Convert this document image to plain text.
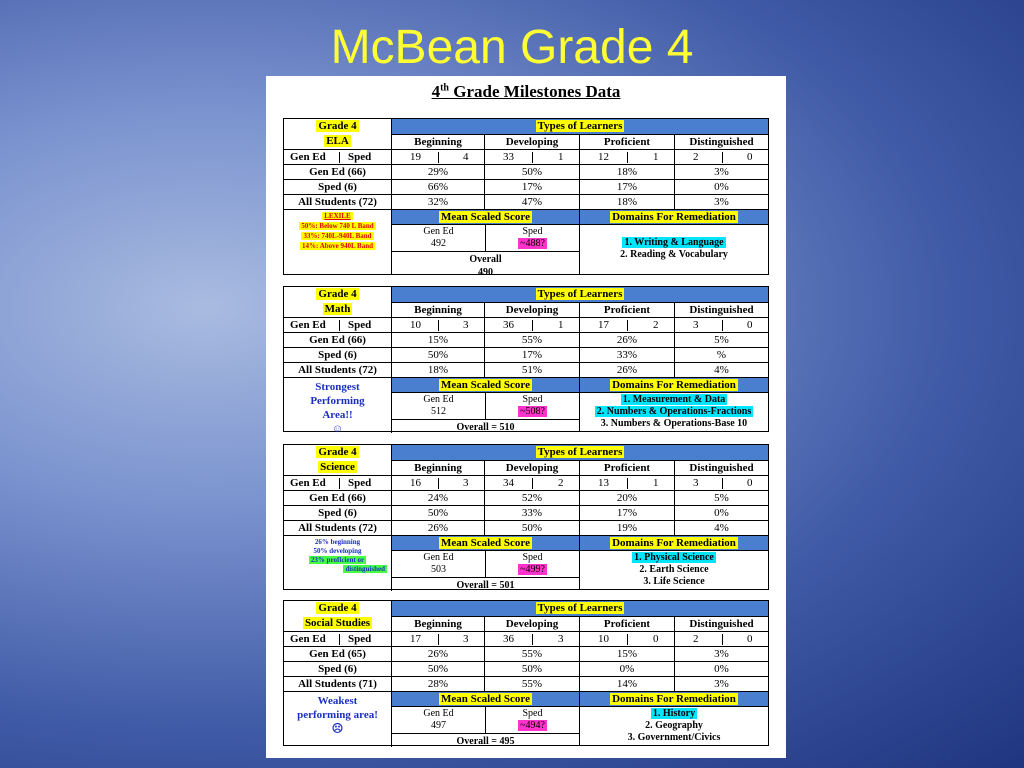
McBean Grade 4
4th Grade Milestones Data
Grade 4
ELA
Types of Learners
Beginning	Developing	Proficient	Distinguished
Gen Ed Sped	19	4	33	1	12	1	2	0
Gen Ed (66)	29%	50%	18%	3%
Sped (6)	66%	17%	17%	0%
All Students (72)	32%	47%	18%	3%
LEXILE
50%: Below 740 L Band
33%: 740L-940L Band
14%: Above 940L Band
Mean Scaled Score	Domains For Remediation
Gen Ed
492
Sped
~488?
Overall
490
1. Writing & Language
2. Reading & Vocabulary
Grade 4
Math
Types of Learners
Beginning	Developing	Proficient	Distinguished
Gen Ed Sped	10	3	36	1	17	2	3	0
Gen Ed (66)	15%	55%	26%	5%
Sped (6)	50%	17%	33%	%
All Students (72)	18%	51%	26%	4%
Strongest
Performing
Area!!
☺
Mean Scaled Score	Domains For Remediation
Gen Ed
512
Sped
~508?
Overall = 510
1. Measurement & Data
2. Numbers & Operations-Fractions
3. Numbers & Operations-Base 10
Grade 4
Science
Types of Learners
Beginning	Developing	Proficient	Distinguished
Gen Ed Sped	16	3	34	2	13	1	3	0
Gen Ed (66)	24%	52%	20%	5%
Sped (6)	50%	33%	17%	0%
All Students (72)	26%	50%	19%	4%
26% beginning
50% developing
23% proficient or
distinguished
Mean Scaled Score	Domains For Remediation
Gen Ed
503
Sped
~499?
Overall = 501
1. Physical Science
2. Earth Science
3. Life Science
Grade 4
Social Studies
Types of Learners
Beginning	Developing	Proficient	Distinguished
Gen Ed Sped	17	3	36	3	10	0	2	0
Gen Ed (65)	26%	55%	15%	3%
Sped (6)	50%	50%	0%	0%
All Students (71)	28%	55%	14%	3%
Weakest
performing area!
☹
Mean Scaled Score	Domains For Remediation
Gen Ed
497
Sped
~494?
Overall = 495
1. History
2. Geography
3. Government/Civics
